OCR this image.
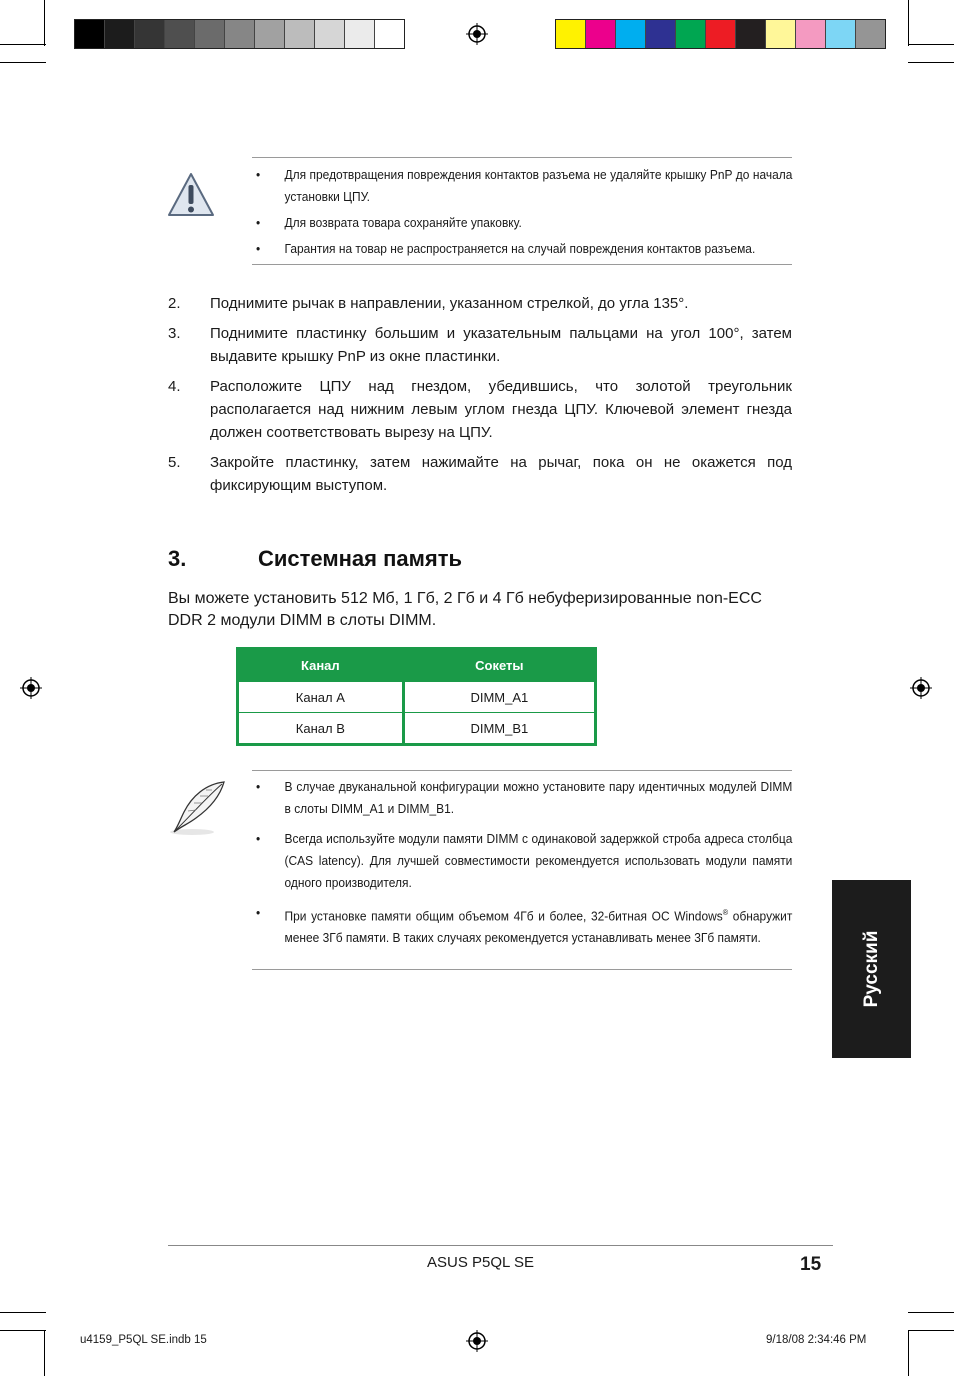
• Для предотвращения повреждения контактов разъема не удаляйте крышку PnP до начала установки ЦПУ.
• Для возврата товара сохраняйте упаковку.
• Гарантия на товар не распространяется на случай повреждения контактов разъема.
2. Поднимите рычак в направлении, указанном стрелкой, до угла 135°.
3. Поднимите пластинку большим и указательным пальцами на угол 100°, затем выдавите крышку PnP из окне пластинки.
4. Расположите ЦПУ над гнездом, убедившись, что золотой треугольник располагается над нижним левым углом гнезда ЦПУ. Ключевой элемент гнезда должен соответствовать вырезу на ЦПУ.
5. Закройте пластинку, затем нажимайте на рычаг, пока он не окажется под фиксирующим выступом.
3.	Системная память
Вы можете установить 512 Мб, 1 Гб, 2 Гб и 4 Гб небуферизированные non-ECC DDR 2 модули DIMM в слоты DIMM.
Канал	Сокеты
Канал А	DIMM_A1
Канал B	DIMM_B1
• В случае двуканальной конфигурации можно установите пару идентичных модулей DIMM в слоты DIMM_A1 и DIMM_B1.
• Всегда используйте модули памяти DIMM с одинаковой задержкой строба адреса столбца (CAS latency). Для лучшей совместимости рекомендуется использовать модули памяти одного производителя.
• При установке памяти общим объемом 4Гб и более, 32-битная ОС Windows® обнаружит менее 3Гб памяти. В таких случаях рекомендуется устанавливать менее 3Гб памяти.	Русский
ASUS P5QL SE	15
u4159_P5QL SE.indb 15	9/18/08 2:34:46 PM
